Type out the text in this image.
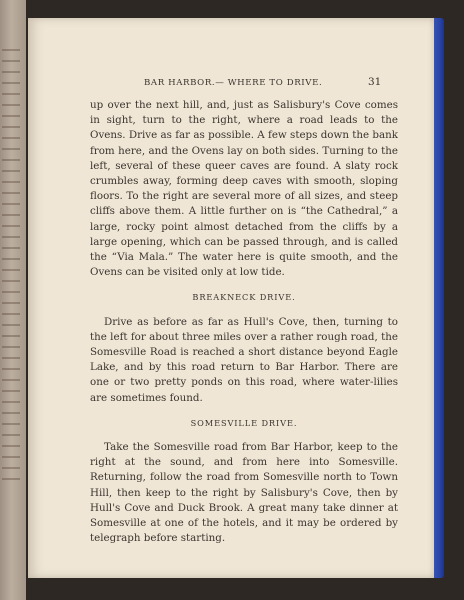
BAR HARBOR.— WHERE TO DRIVE.	31

up over the next hill, and, just as Salisbury's Cove comes in sight, turn to the right, where a road leads to the Ovens. Drive as far as possible. A few steps down the bank from here, and the Ovens lay on both sides. Turning to the left, several of these queer caves are found. A slaty rock crumbles away, forming deep caves with smooth, sloping floors. To the right are several more of all sizes, and steep cliffs above them. A little further on is “the Cathedral,” a large, rocky point almost detached from the cliffs by a large opening, which can be passed through, and is called the “Via Mala.” The water here is quite smooth, and the Ovens can be visited only at low tide.

BREAKNECK DRIVE.

Drive as before as far as Hull's Cove, then, turning to the left for about three miles over a rather rough road, the Somesville Road is reached a short distance beyond Eagle Lake, and by this road return to Bar Harbor. There are one or two pretty ponds on this road, where water-lilies are sometimes found.

SOMESVILLE DRIVE.

Take the Somesville road from Bar Harbor, keep to the right at the sound, and from here into Somesville. Returning, follow the road from Somesville north to Town Hill, then keep to the right by Salisbury's Cove, then by Hull's Cove and Duck Brook. A great many take dinner at Somesville at one of the hotels, and it may be ordered by telegraph before starting.
